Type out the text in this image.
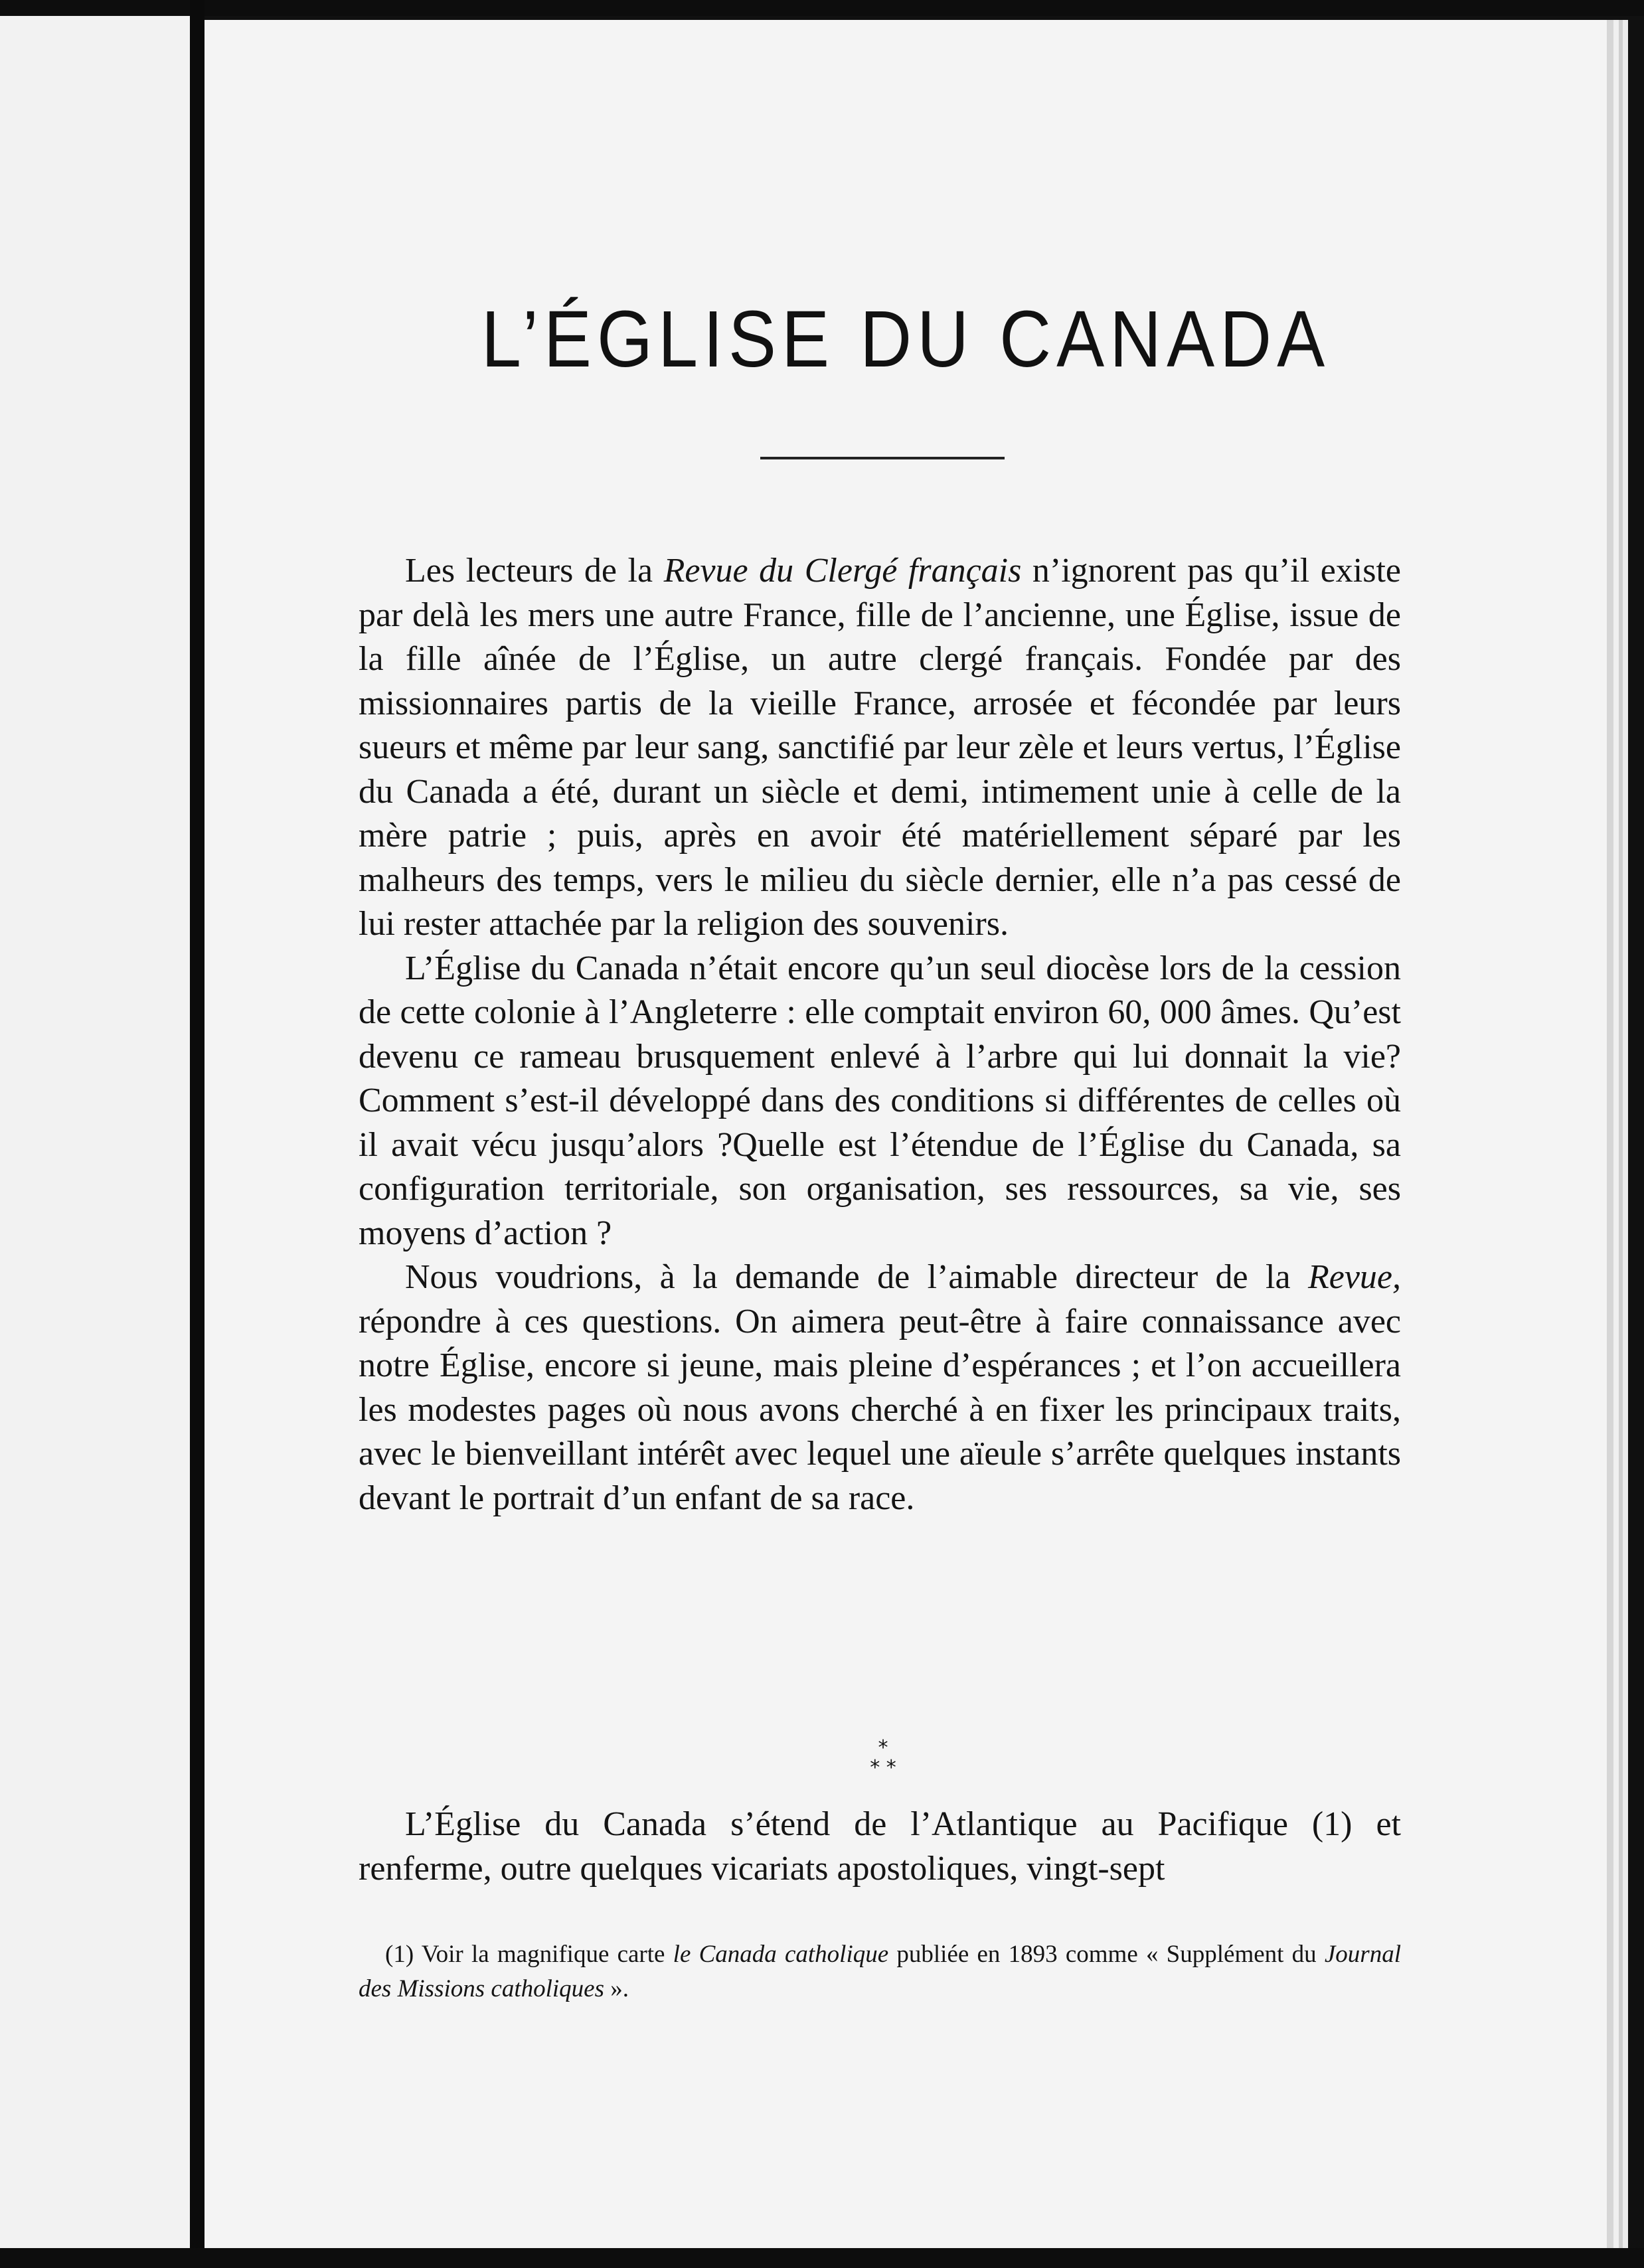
L’ÉGLISE DU CANADA

Les lecteurs de la Revue du Clergé français n’ignorent pas qu’il existe par delà les mers une autre France, fille de l’ancienne, une Église, issue de la fille aînée de l’Église, un autre clergé français. Fondée par des missionnaires partis de la vieille France, arrosée et fécondée par leurs sueurs et même par leur sang, sanctifié par leur zèle et leurs vertus, l’Église du Canada a été, durant un siècle et demi, intimement unie à celle de la mère patrie ; puis, après en avoir été matériellement séparé par les malheurs des temps, vers le milieu du siècle dernier, elle n’a pas cessé de lui rester attachée par la religion des souvenirs.

L’Église du Canada n’était encore qu’un seul diocèse lors de la cession de cette colonie à l’Angleterre : elle comptait environ 60, 000 âmes. Qu’est devenu ce rameau brusquement enlevé à l’arbre qui lui donnait la vie? Comment s’est-il développé dans des conditions si différentes de celles où il avait vécu jusqu’alors ?Quelle est l’étendue de l’Église du Canada, sa configuration territoriale, son organisation, ses ressources, sa vie, ses moyens d’action ?

Nous voudrions, à la demande de l’aimable directeur de la Revue, répondre à ces questions. On aimera peut-être à faire connaissance avec notre Église, encore si jeune, mais pleine d’espérances ; et l’on accueillera les modestes pages où nous avons cherché à en fixer les principaux traits, avec le bienveillant intérêt avec lequel une aïeule s’arrête quelques instants devant le portrait d’un enfant de sa race.

*
* *

L’Église du Canada s’étend de l’Atlantique au Pacifique (1) et renferme, outre quelques vicariats apostoliques, vingt-sept

(1) Voir la magnifique carte le Canada catholique publiée en 1893 comme « Supplément du Journal des Missions catholiques ».
